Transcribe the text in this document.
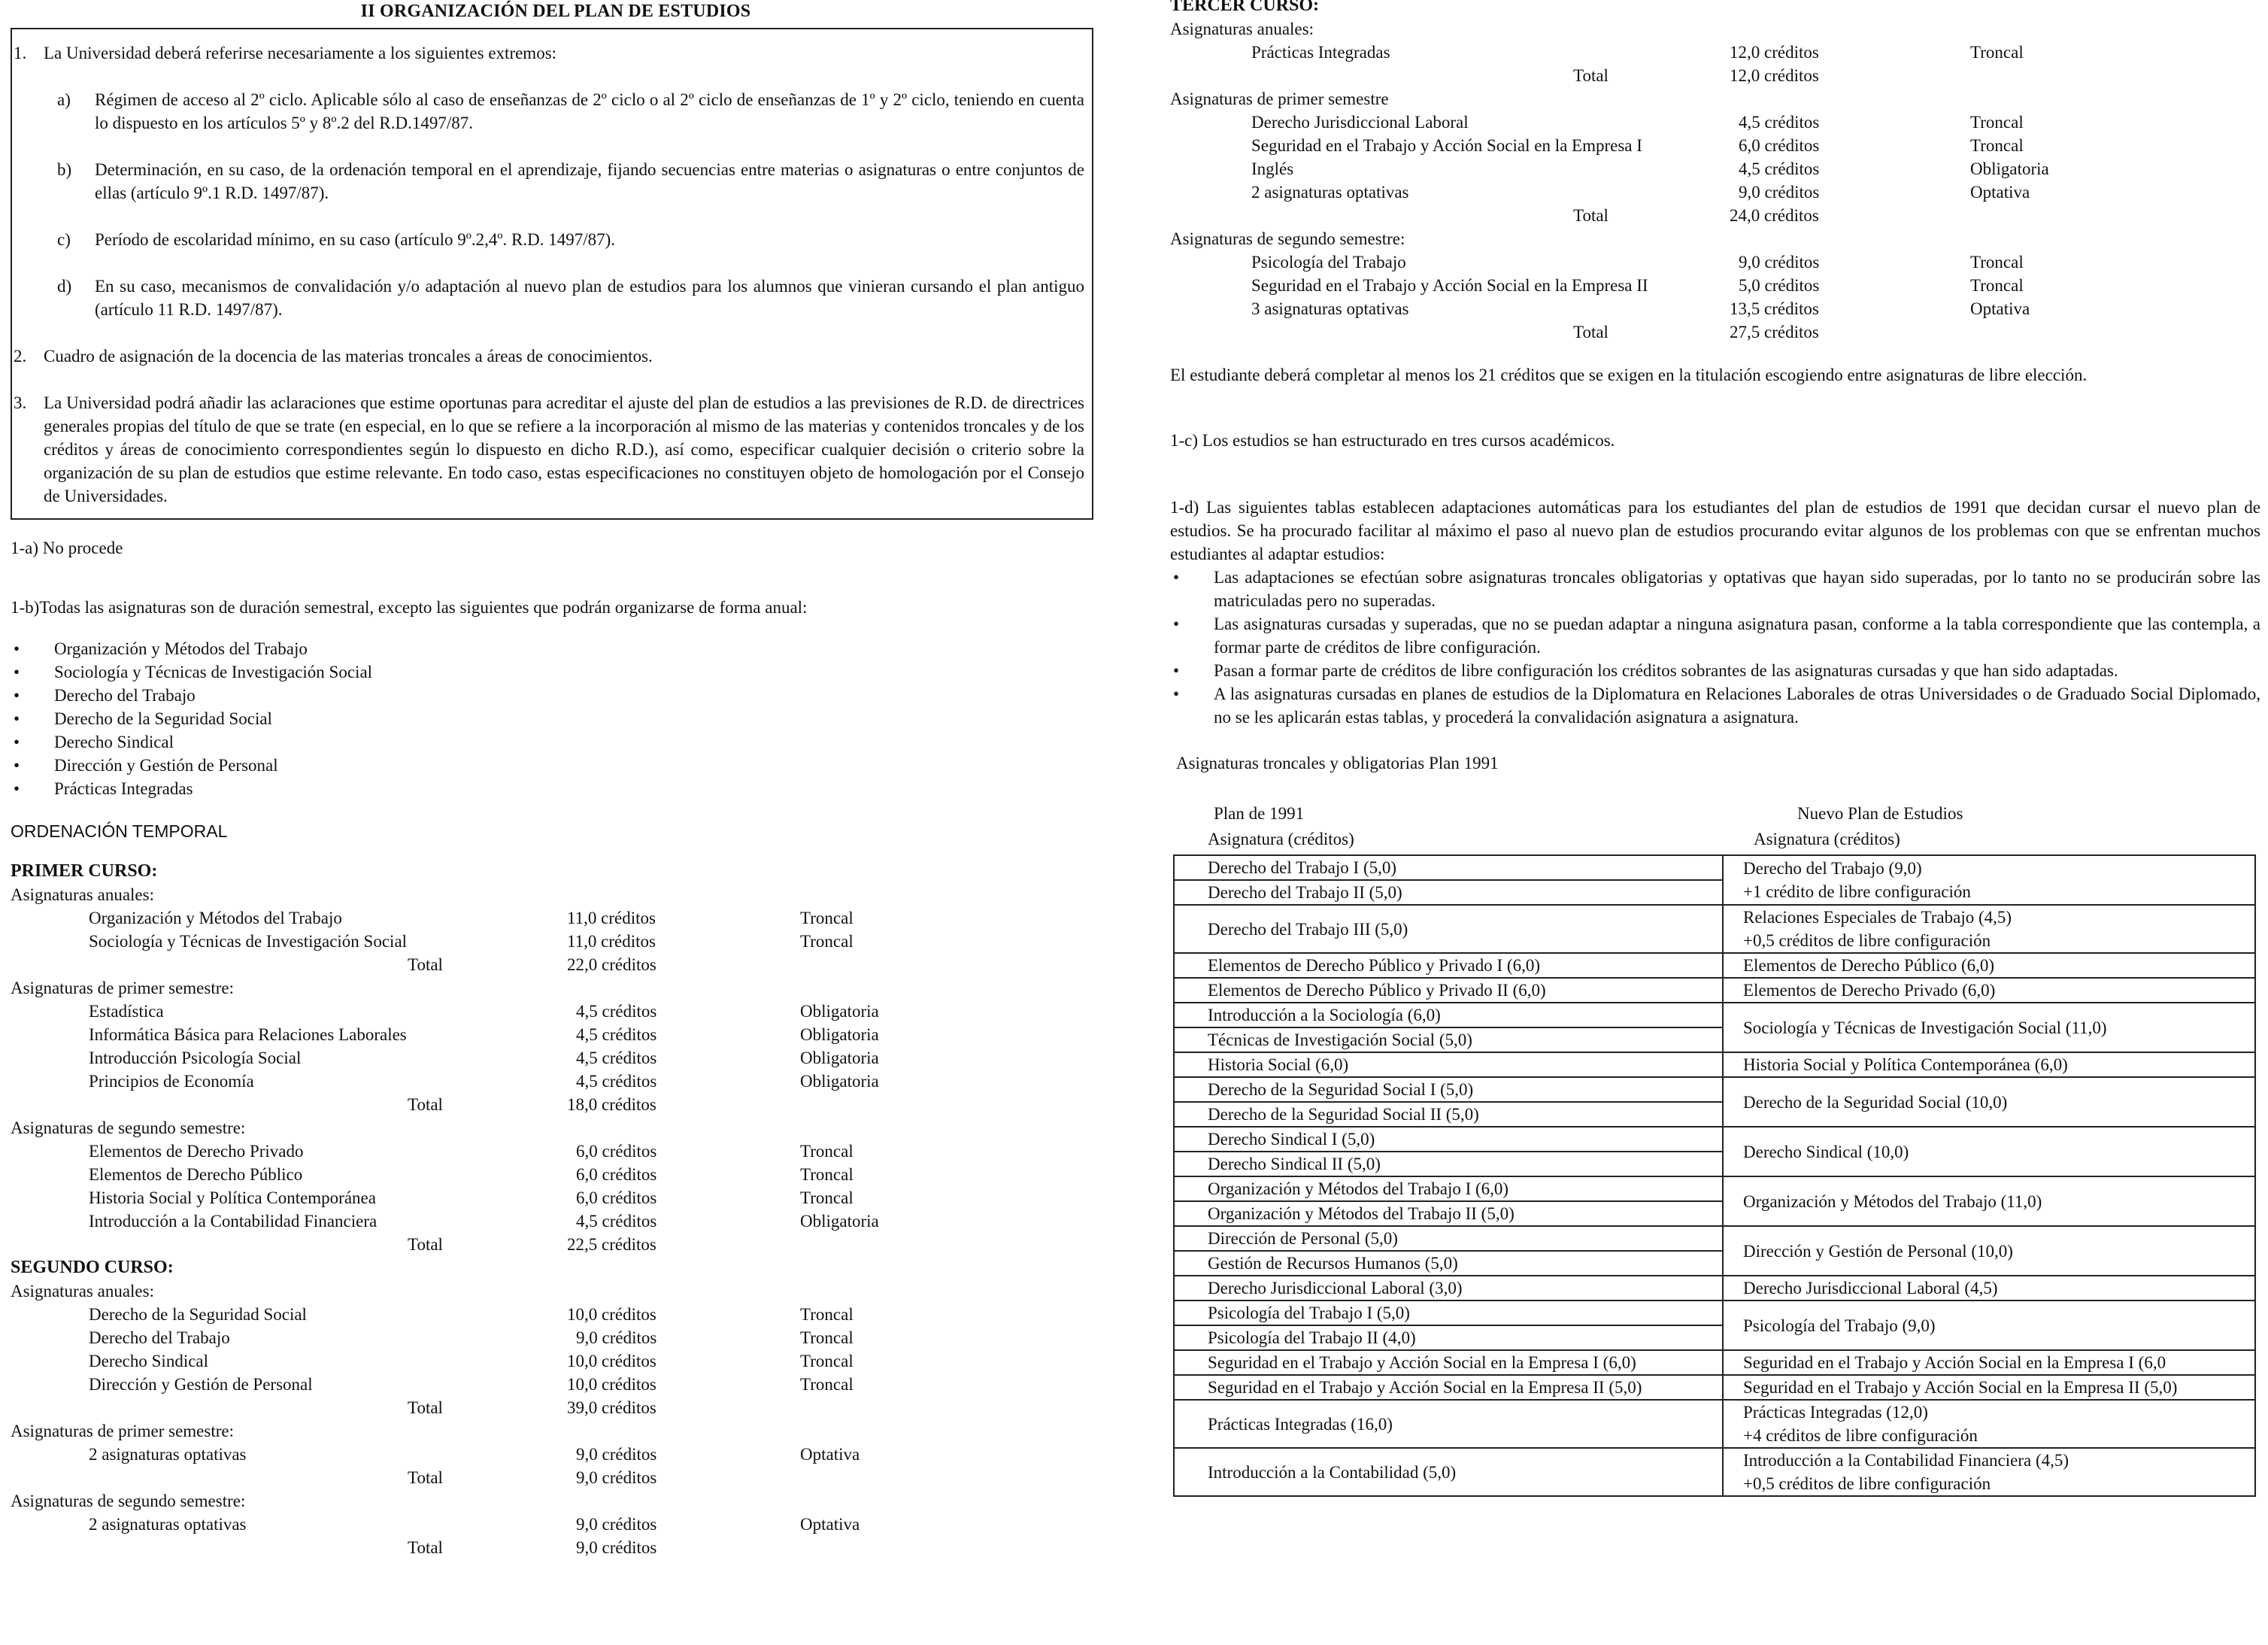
II ORGANIZACIÓN DEL PLAN DE ESTUDIOS
1. La Universidad deberá referirse necesariamente a los siguientes extremos:
a)	Régimen de acceso al 2º ciclo. Aplicable sólo al caso de enseñanzas de 2º ciclo o al 2º ciclo de enseñanzas de 1º y 2º ciclo, teniendo en cuenta lo dispuesto en los artículos 5º y 8º.2 del R.D.1497/87.
b)	Determinación, en su caso, de la ordenación temporal en el aprendizaje, fijando secuencias entre materias o asignaturas o entre conjuntos de ellas (artículo 9º.1 R.D. 1497/87).
c)	Período de escolaridad mínimo, en su caso (artículo 9º.2,4º. R.D. 1497/87).
d)	En su caso, mecanismos de convalidación y/o adaptación al nuevo plan de estudios para los alumnos que vinieran cursando el plan antiguo (artículo 11 R.D. 1497/87).
2. Cuadro de asignación de la docencia de las materias troncales a áreas de conocimientos.
3. La Universidad podrá añadir las aclaraciones que estime oportunas para acreditar el ajuste del plan de estudios a las previsiones de R.D. de directrices generales propias del título de que se trate (en especial, en lo que se refiere a la incorporación al mismo de las materias y contenidos troncales y de los créditos y áreas de conocimiento correspondientes según lo dispuesto en dicho R.D.), así como, especificar cualquier decisión o criterio sobre la organización de su plan de estudios que estime relevante. En todo caso, estas especificaciones no constituyen objeto de homologación por el Consejo de Universidades.

1-a) No procede

1-b)Todas las asignaturas son de duración semestral, excepto las siguientes que podrán organizarse de forma anual:

•	Organización y Métodos del Trabajo
•	Sociología y Técnicas de Investigación Social
•	Derecho del Trabajo
•	Derecho de la Seguridad Social
•	Derecho Sindical
•	Dirección y Gestión de Personal
•	Prácticas Integradas

ORDENACIÓN TEMPORAL

PRIMER CURSO:
Asignaturas anuales:
Organización y Métodos del Trabajo	11,0 créditos	Troncal
Sociología y Técnicas de Investigación Social	11,0 créditos	Troncal
Total	22,0 créditos
Asignaturas de primer semestre:
Estadística	4,5 créditos	Obligatoria
Informática Básica para Relaciones Laborales	4,5 créditos	Obligatoria
Introducción Psicología Social	4,5 créditos	Obligatoria
Principios de Economía	4,5 créditos	Obligatoria
Total	18,0 créditos
Asignaturas de segundo semestre:
Elementos de Derecho Privado	6,0 créditos	Troncal
Elementos de Derecho Público	6,0 créditos	Troncal
Historia Social y Política Contemporánea	6,0 créditos	Troncal
Introducción a la Contabilidad Financiera	4,5 créditos	Obligatoria
Total	22,5 créditos
SEGUNDO CURSO:
Asignaturas anuales:
Derecho de la Seguridad Social	10,0 créditos	Troncal
Derecho del Trabajo	9,0 créditos	Troncal
Derecho Sindical	10,0 créditos	Troncal
Dirección y Gestión de Personal	10,0 créditos	Troncal
Total	39,0 créditos
Asignaturas de primer semestre:
2 asignaturas optativas	9,0 créditos	Optativa
Total	9,0 créditos
Asignaturas de segundo semestre:
2 asignaturas optativas	9,0 créditos	Optativa
Total	9,0 créditos
TERCER CURSO:
Asignaturas anuales:
Prácticas Integradas	12,0 créditos	Troncal
Total	12,0 créditos
Asignaturas de primer semestre
Derecho Jurisdiccional Laboral	4,5 créditos	Troncal
Seguridad en el Trabajo y Acción Social en la Empresa I	6,0 créditos	Troncal
Inglés	4,5 créditos	Obligatoria
2 asignaturas optativas	9,0 créditos	Optativa
Total	24,0 créditos
Asignaturas de segundo semestre:
Psicología del Trabajo	9,0 créditos	Troncal
Seguridad en el Trabajo y Acción Social en la Empresa II	5,0 créditos	Troncal
3 asignaturas optativas	13,5 créditos	Optativa
Total	27,5 créditos

El estudiante deberá completar al menos los 21 créditos que se exigen en la titulación escogiendo entre asignaturas de libre elección.

1-c) Los estudios se han estructurado en tres cursos académicos.

1-d) Las siguientes tablas establecen adaptaciones automáticas para los estudiantes del plan de estudios de 1991 que decidan cursar el nuevo plan de estudios. Se ha procurado facilitar al máximo el paso al nuevo plan de estudios procurando evitar algunos de los problemas con que se enfrentan muchos estudiantes al adaptar estudios:

•	Las adaptaciones se efectúan sobre asignaturas troncales obligatorias y optativas que hayan sido superadas, por lo tanto no se producirán sobre las matriculadas pero no superadas.
•	Las asignaturas cursadas y superadas, que no se puedan adaptar a ninguna asignatura pasan, conforme a la tabla correspondiente que las contempla, a formar parte de créditos de libre configuración.
•	Pasan a formar parte de créditos de libre configuración los créditos sobrantes de las asignaturas cursadas y que han sido adaptadas.
•	A las asignaturas cursadas en planes de estudios de la Diplomatura en Relaciones Laborales de otras Universidades o de Graduado Social Diplomado, no se les aplicarán estas tablas, y procederá la convalidación asignatura a asignatura.

Asignaturas troncales y obligatorias Plan 1991

Plan de 1991
Asignatura (créditos)
Nuevo Plan de Estudios
Asignatura (créditos)
Derecho del Trabajo I (5,0)	Derecho del Trabajo (9,0)
+1 crédito de libre configuración

Derecho del Trabajo II (5,0)	
Derecho del Trabajo III (5,0)	Relaciones Especiales de Trabajo (4,5)
+0,5 créditos de libre configuración

Elementos de Derecho Público y Privado I (6,0)	Elementos de Derecho Público (6,0)

Elementos de Derecho Público y Privado II (6,0)	Elementos de Derecho Privado (6,0)

Introducción a la Sociología (6,0)	Sociología y Técnicas de Investigación Social (11,0)

Técnicas de Investigación Social (5,0)	
Historia Social (6,0)	Historia Social y Política Contemporánea (6,0)

Derecho de la Seguridad Social I (5,0)	Derecho de la Seguridad Social (10,0)

Derecho de la Seguridad Social II (5,0)	
Derecho Sindical I (5,0)	Derecho Sindical (10,0)

Derecho Sindical II (5,0)	
Organización y Métodos del Trabajo I (6,0)	Organización y Métodos del Trabajo (11,0)

Organización y Métodos del Trabajo II (5,0)	
Dirección de Personal (5,0)	Dirección y Gestión de Personal (10,0)

Gestión de Recursos Humanos (5,0)	
Derecho Jurisdiccional Laboral (3,0)	Derecho Jurisdiccional Laboral (4,5)

Psicología del Trabajo I (5,0)	Psicología del Trabajo (9,0)

Psicología del Trabajo II (4,0)	
Seguridad en el Trabajo y Acción Social en la Empresa I (6,0)	Seguridad en el Trabajo y Acción Social en la Empresa I (6,0

Seguridad en el Trabajo y Acción Social en la Empresa II (5,0)	Seguridad en el Trabajo y Acción Social en la Empresa II (5,0)

Prácticas Integradas (16,0)	Prácticas Integradas (12,0)
+4 créditos de libre configuración

Introducción a la Contabilidad (5,0)	Introducción a la Contabilidad Financiera (4,5)
+0,5 créditos de libre configuración
